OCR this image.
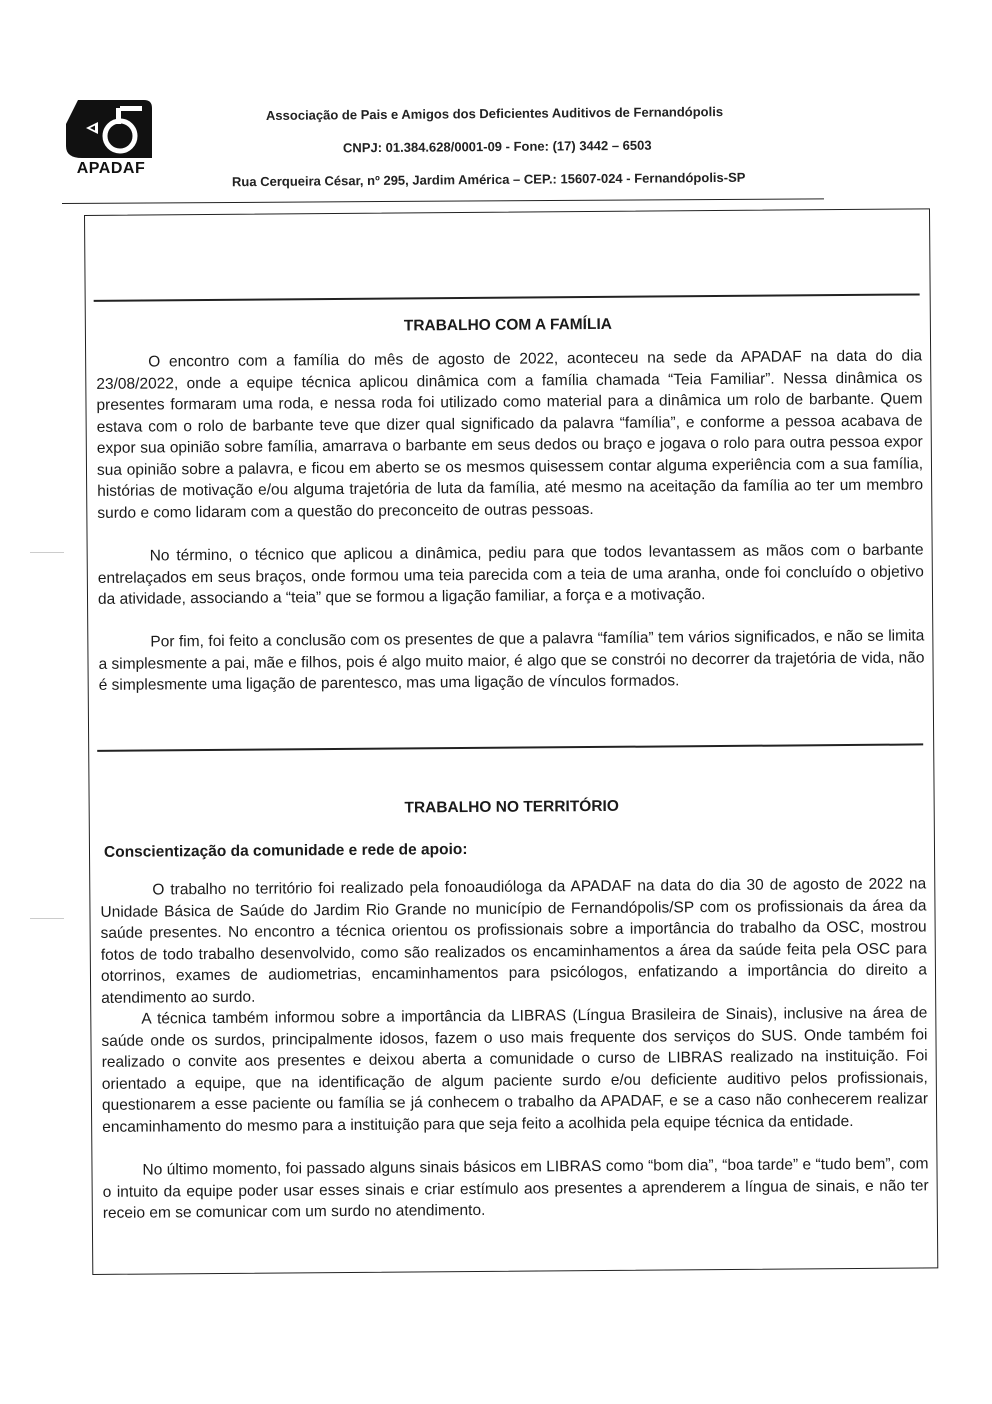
APADAF
Associação de Pais e Amigos dos Deficientes Auditivos de Fernandópolis
CNPJ: 01.384.628/0001-09 - Fone: (17) 3442 – 6503
Rua Cerqueira César, nº 295, Jardim América – CEP.: 15607-024 - Fernandópolis-SP
TRABALHO COM A FAMÍLIA

O encontro com a família do mês de agosto de 2022, aconteceu na sede da APADAF na data do dia 23/08/2022, onde a equipe técnica aplicou dinâmica com a família chamada “Teia Familiar”. Nessa dinâmica os presentes formaram uma roda, e nessa roda foi utilizado como material para a dinâmica um rolo de barbante. Quem estava com o rolo de barbante teve que dizer qual significado da palavra “família”, e conforme a pessoa acabava de expor sua opinião sobre família, amarrava o barbante em seus dedos ou braço e jogava o rolo para outra pessoa expor sua opinião sobre a palavra, e ficou em aberto se os mesmos quisessem contar alguma experiência com a sua família, histórias de motivação e/ou alguma trajetória de luta da família, até mesmo na aceitação da família ao ter um membro surdo e como lidaram com a questão do preconceito de outras pessoas.

No término, o técnico que aplicou a dinâmica, pediu para que todos levantassem as mãos com o barbante entrelaçados em seus braços, onde formou uma teia parecida com a teia de uma aranha, onde foi concluído o objetivo da atividade, associando a “teia” que se formou a ligação familiar, a força e a motivação.

Por fim, foi feito a conclusão com os presentes de que a palavra “família” tem vários significados, e não se limita a simplesmente a pai, mãe e filhos, pois é algo muito maior, é algo que se constrói no decorrer da trajetória de vida, não é simplesmente uma ligação de parentesco, mas uma ligação de vínculos formados.

TRABALHO NO TERRITÓRIO
Conscientização da comunidade e rede de apoio:

O trabalho no território foi realizado pela fonoaudióloga da APADAF na data do dia 30 de agosto de 2022 na Unidade Básica de Saúde do Jardim Rio Grande no município de Fernandópolis/SP com os profissionais da área da saúde presentes. No encontro a técnica orientou os profissionais sobre a importância do trabalho da OSC, mostrou fotos de todo trabalho desenvolvido, como são realizados os encaminhamentos a área da saúde feita pela OSC para otorrinos, exames de audiometrias, encaminhamentos para psicólogos, enfatizando a importância do direito a atendimento ao surdo.

A técnica também informou sobre a importância da LIBRAS (Língua Brasileira de Sinais), inclusive na área de saúde onde os surdos, principalmente idosos, fazem o uso mais frequente dos serviços do SUS. Onde também foi realizado o convite aos presentes e deixou aberta a comunidade o curso de LIBRAS realizado na instituição. Foi orientado a equipe, que na identificação de algum paciente surdo e/ou deficiente auditivo pelos profissionais, questionarem a esse paciente ou família se já conhecem o trabalho da APADAF, e se a caso não conhecerem realizar encaminhamento do mesmo para a instituição para que seja feito a acolhida pela equipe técnica da entidade.

No último momento, foi passado alguns sinais básicos em LIBRAS como “bom dia”, “boa tarde” e “tudo bem”, com o intuito da equipe poder usar esses sinais e criar estímulo aos presentes a aprenderem a língua de sinais, e não ter receio em se comunicar com um surdo no atendimento.
